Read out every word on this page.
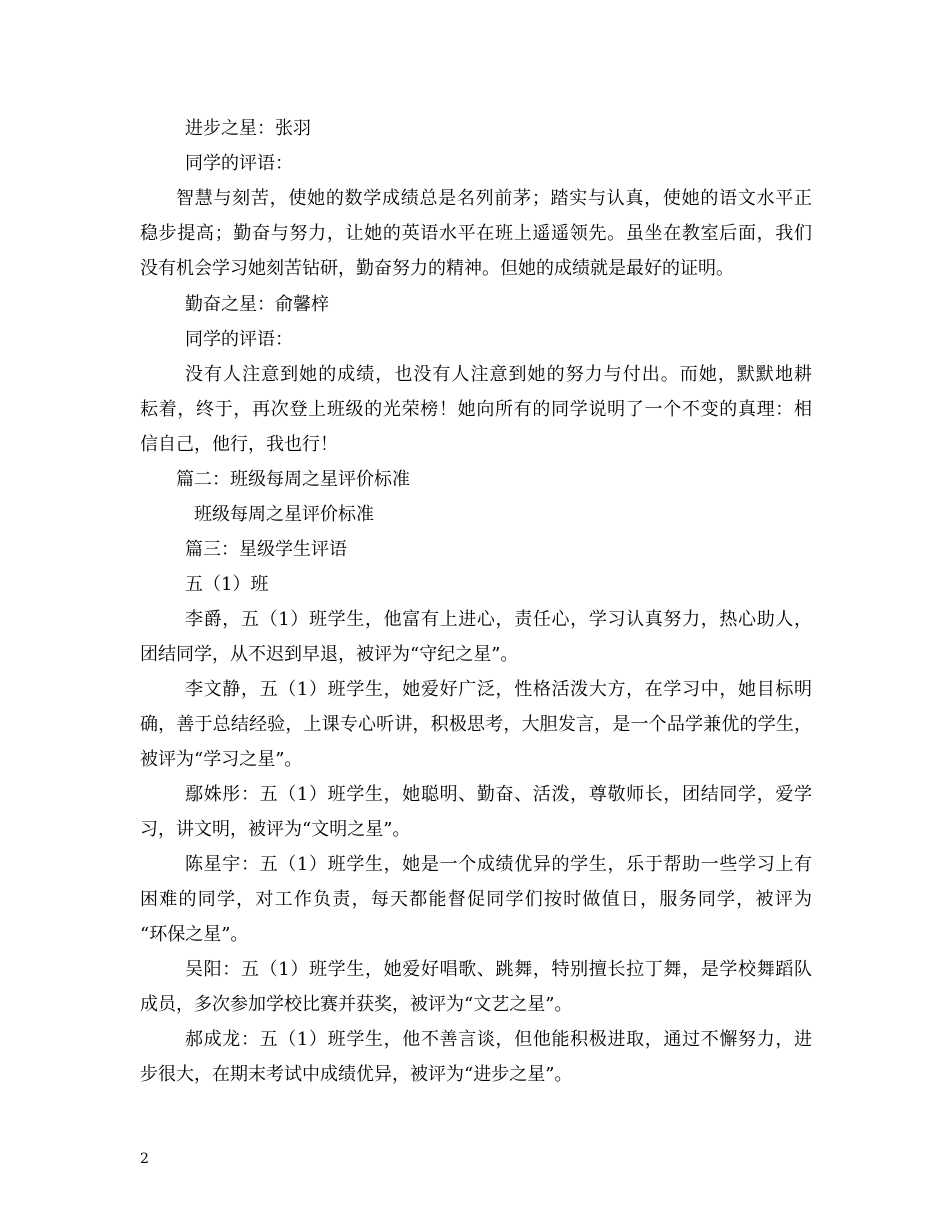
进步之星：张羽
同学的评语：
智慧与刻苦，使她的数学成绩总是名列前茅；踏实与认真，使她的语文水平正
稳步提高；勤奋与努力，让她的英语水平在班上遥遥领先。虽坐在教室后面，我们
没有机会学习她刻苦钻研，勤奋努力的精神。但她的成绩就是最好的证明。
勤奋之星：俞馨梓
同学的评语：
没有人注意到她的成绩，也没有人注意到她的努力与付出。而她，默默地耕
耘着，终于，再次登上班级的光荣榜！她向所有的同学说明了一个不变的真理：相
信自己，他行，我也行！
篇二：班级每周之星评价标准
班级每周之星评价标准
篇三：星级学生评语
五（1）班
李爵，五（1）班学生，他富有上进心，责任心，学习认真努力，热心助人，
团结同学，从不迟到早退，被评为“守纪之星”。
李文静，五（1）班学生，她爱好广泛，性格活泼大方，在学习中，她目标明
确，善于总结经验，上课专心听讲，积极思考，大胆发言，是一个品学兼优的学生，
被评为“学习之星”。
鄢姝彤：五（1）班学生，她聪明、勤奋、活泼，尊敬师长，团结同学，爱学
习，讲文明，被评为“文明之星”。
陈星宇：五（1）班学生，她是一个成绩优异的学生，乐于帮助一些学习上有
困难的同学，对工作负责，每天都能督促同学们按时做值日，服务同学，被评为
“环保之星”。
吴阳：五（1）班学生，她爱好唱歌、跳舞，特别擅长拉丁舞，是学校舞蹈队
成员，多次参加学校比赛并获奖，被评为“文艺之星”。
郝成龙：五（1）班学生，他不善言谈，但他能积极进取，通过不懈努力，进
步很大，在期末考试中成绩优异，被评为“进步之星”。
2
